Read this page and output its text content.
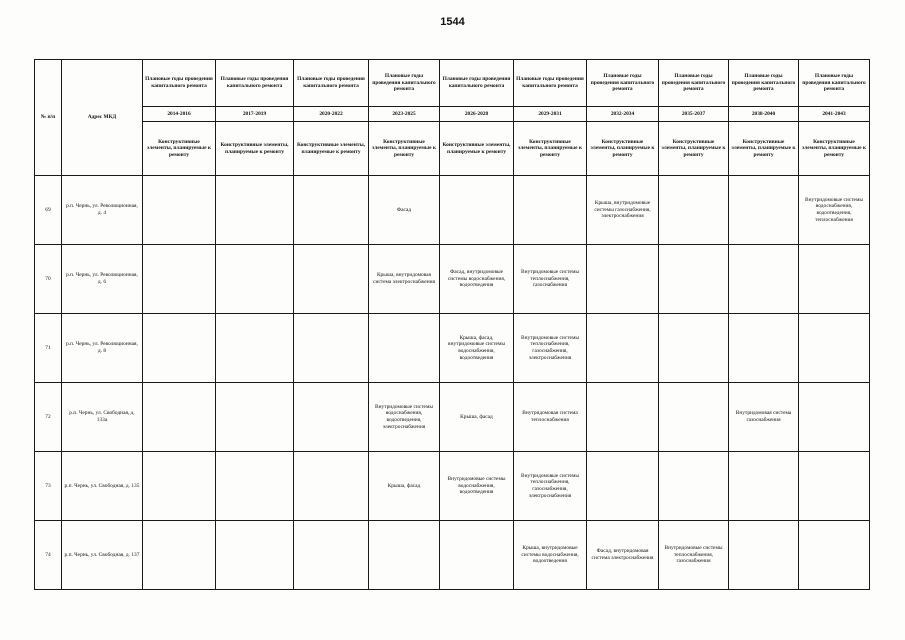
1544
№ п/п	Адрес МКД	Плановые годы проведения капитального ремонта	Плановые годы проведения капитального ремонта	Плановые годы проведения капитального ремонта	Плановые годы проведения капитального ремонта	Плановые годы проведения капитального ремонта	Плановые годы проведения капитального ремонта	Плановые годы проведения капитального ремонта	Плановые годы проведения капитального ремонта	Плановые годы проведения капитального ремонта	Плановые годы проведения капитального ремонта
		2014-2016	2017-2019	2020-2022	2023-2025	2026-2028	2029-2031	2032-2034	2035-2037	2038-2040	2041-2043
		Конструктивные элементы, планируемые к ремонту	Конструктивные элементы, планируемые к ремонту	Конструктивные элементы, планируемые к ремонту	Конструктивные элементы, планируемые к ремонту	Конструктивные элементы, планируемые к ремонту	Конструктивные элементы, планируемые к ремонту	Конструктивные элементы, планируемые к ремонту	Конструктивные элементы, планируемые к ремонту	Конструктивные элементы, планируемые к ремонту	Конструктивные элементы, планируемые к ремонту
69	р.п. Чернь, ул. Революционная, д. 4				Фасад			Крыша, внутридомовые системы газоснабжения, электроснабжения			Внутридомовые системы водоснабжения, водоотведения, теплоснабжения
70	р.п. Чернь, ул. Революционная, д. 6				Крыша, внутридомовая система электроснабжения	Фасад, внутридомовые системы водоснабжения, водоотведения	Внутридомовые системы теплоснабжения, газоснабжения				
71	р.п. Чернь, ул. Революционная, д. 8					Крыша, фасад, внутридомовые системы водоснабжения, водоотведения	Внутридомовые системы теплоснабжения, газоснабжения, электроснабжения				
72	р.п. Чернь, ул. Свободная, д. 133а				Внутридомовые системы водоснабжения, водоотведения, электроснабжения	Крыша, фасад	Внутридомовая система теплоснабжения			Внутридомовая система газоснабжения	
73	р.п. Чернь, ул. Свободная, д. 135				Крыша, фасад	Внутридомовые системы водоснабжения, водоотведения	Внутридомовые системы теплоснабжения, газоснабжения, электроснабжения				
74	р.п. Чернь, ул. Свободная, д. 137						Крыша, внутридомовые системы водоснабжения, водоотведения	Фасад, внутридомовая система электроснабжения	Внутридомовые системы теплоснабжения, газоснабжения		
